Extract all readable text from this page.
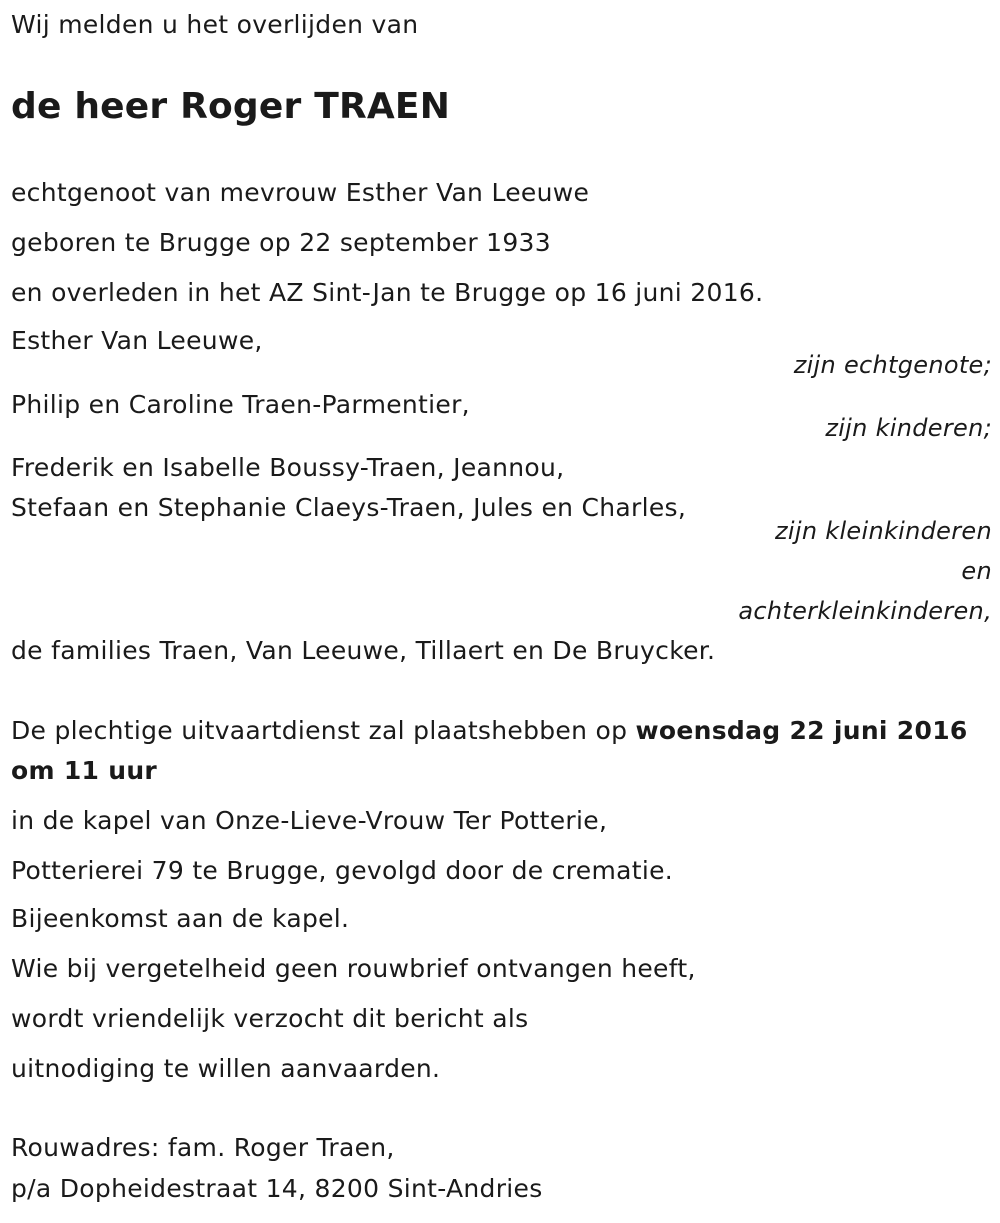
Wij melden u het overlijden van
de heer Roger TRAEN
echtgenoot van mevrouw Esther Van Leeuwe
geboren te Brugge op 22 september 1933
en overleden in het AZ Sint-Jan te Brugge op 16 juni 2016.
Esther Van Leeuwe,
zijn echtgenote;
Philip en Caroline Traen-Parmentier,
zijn kinderen;
Frederik en Isabelle Boussy-Traen, Jeannou,
Stefaan en Stephanie Claeys-Traen, Jules en Charles,
zijn kleinkinderen
en
achterkleinkinderen,
de families Traen, Van Leeuwe, Tillaert en De Bruycker.
De plechtige uitvaartdienst zal plaatshebben op woensdag 22 juni 2016
om 11 uur
in de kapel van Onze-Lieve-Vrouw Ter Potterie,
Potterierei 79 te Brugge, gevolgd door de crematie.
Bijeenkomst aan de kapel.
Wie bij vergetelheid geen rouwbrief ontvangen heeft,
wordt vriendelijk verzocht dit bericht als
uitnodiging te willen aanvaarden.
Rouwadres: fam. Roger Traen,
p/a Dopheidestraat 14, 8200 Sint-Andries
